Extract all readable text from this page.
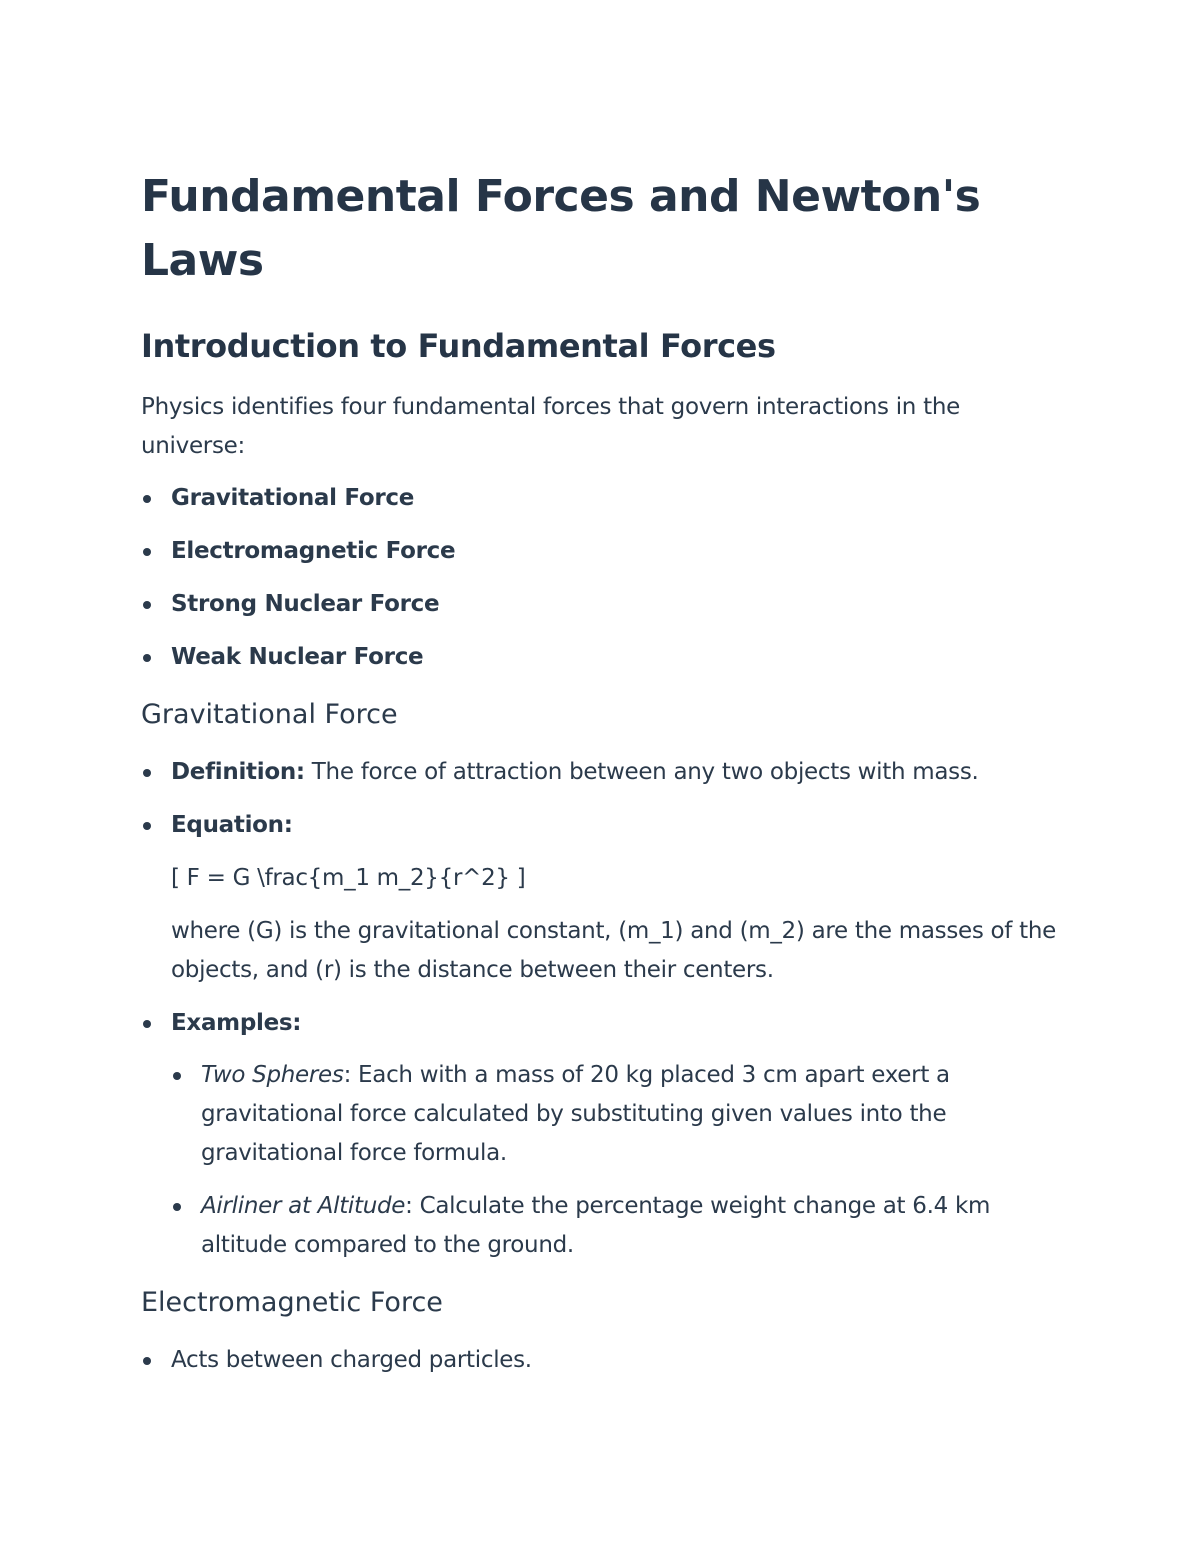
Fundamental Forces and Newton's Laws
Introduction to Fundamental Forces

Physics identifies four fundamental forces that govern interactions in the universe:

Gravitational Force
Electromagnetic Force
Strong Nuclear Force
Weak Nuclear Force
Gravitational Force
Definition: The force of attraction between any two objects with mass.
Equation:

[ F = G \frac{m_1 m_2}{r^2} ]

where (G) is the gravitational constant, (m_1) and (m_2) are the masses of the objects, and (r) is the distance between their centers.

Examples:
Two Spheres: Each with a mass of 20 kg placed 3 cm apart exert a gravitational force calculated by substituting given values into the gravitational force formula.
Airliner at Altitude: Calculate the percentage weight change at 6.4 km altitude compared to the ground.
Electromagnetic Force
Acts between charged particles.
